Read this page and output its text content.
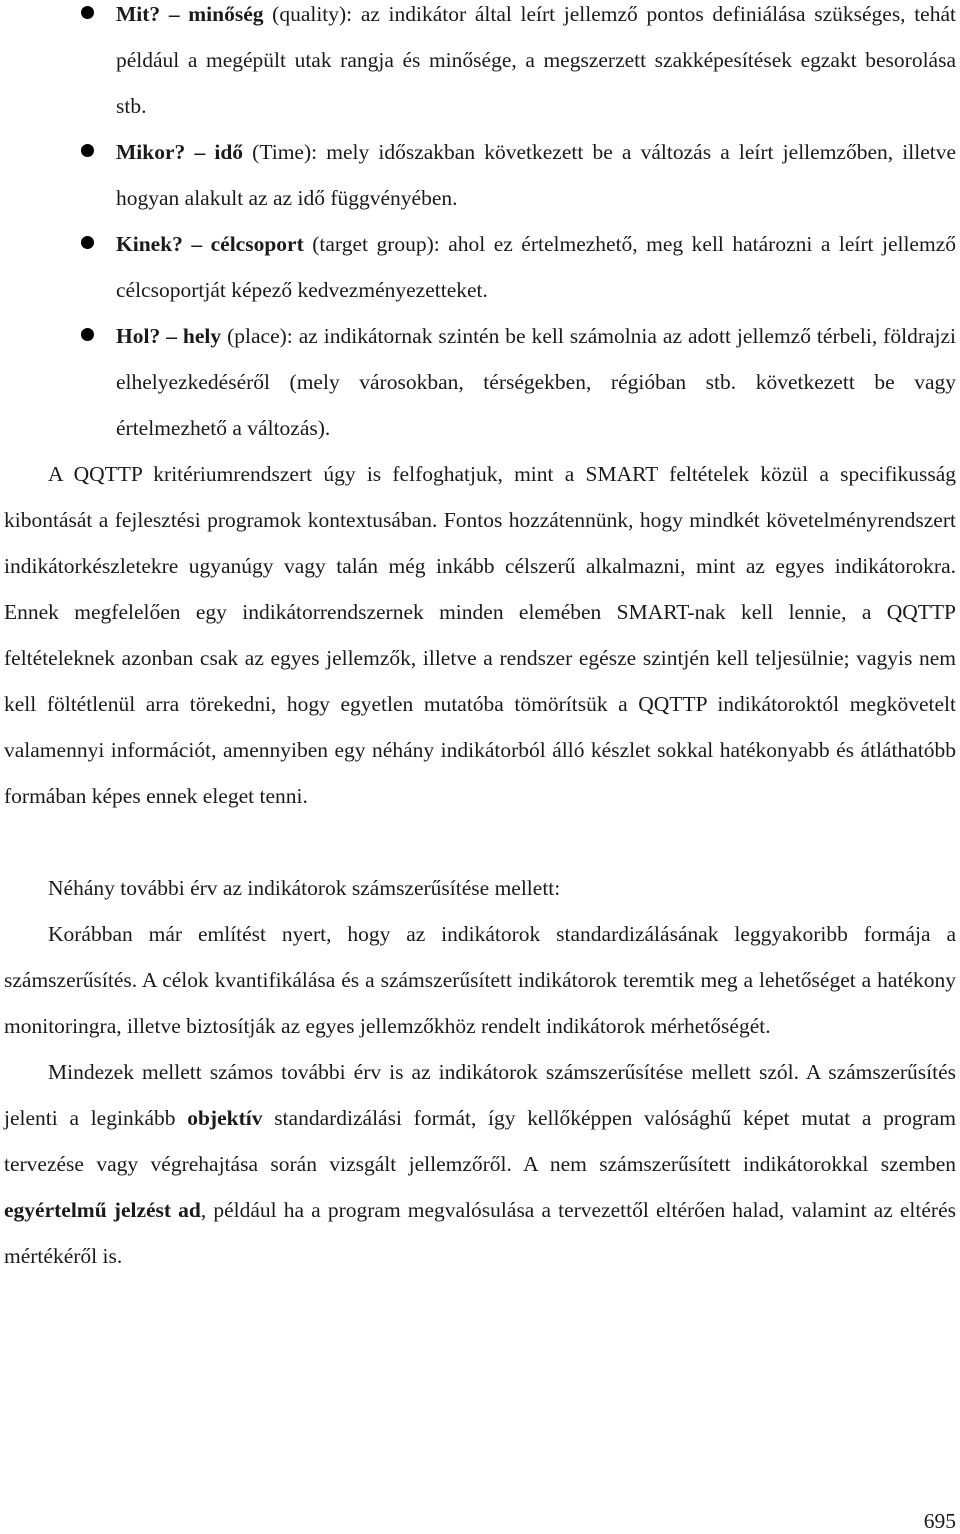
Mit? – minőség (quality): az indikátor által leírt jellemző pontos definiálása szükséges, tehát például a megépült utak rangja és minősége, a megszerzett szakképesítések egzakt besorolása stb.
Mikor? – idő (Time): mely időszakban következett be a változás a leírt jellemzőben, illetve hogyan alakult az az idő függvényében.
Kinek? – célcsoport (target group): ahol ez értelmezhető, meg kell határozni a leírt jellemző célcsoportját képező kedvezményezetteket.
Hol? – hely (place): az indikátornak szintén be kell számolnia az adott jellemző térbeli, földrajzi elhelyezkedéséről (mely városokban, térségekben, régióban stb. következett be vagy értelmezhető a változás).

A QQTTP kritériumrendszert úgy is felfoghatjuk, mint a SMART feltételek közül a specifikusság kibontását a fejlesztési programok kontextusában. Fontos hozzátennünk, hogy mindkét követelményrendszert indikátorkészletekre ugyanúgy vagy talán még inkább célszerű alkalmazni, mint az egyes indikátorokra. Ennek megfelelően egy indikátorrendszernek minden elemében SMART-nak kell lennie, a QQTTP feltételeknek azonban csak az egyes jellemzők, illetve a rendszer egésze szintjén kell teljesülnie; vagyis nem kell föltétlenül arra törekedni, hogy egyetlen mutatóba tömörítsük a QQTTP indikátoroktól megkövetelt valamennyi információt, amennyiben egy néhány indikátorból álló készlet sokkal hatékonyabb és átláthatóbb formában képes ennek eleget tenni.

Néhány további érv az indikátorok számszerűsítése mellett:

Korábban már említést nyert, hogy az indikátorok standardizálásának leggyakoribb formája a számszerűsítés. A célok kvantifikálása és a számszerűsített indikátorok teremtik meg a lehetőséget a hatékony monitoringra, illetve biztosítják az egyes jellemzőkhöz rendelt indikátorok mérhetőségét.

Mindezek mellett számos további érv is az indikátorok számszerűsítése mellett szól. A számszerűsítés jelenti a leginkább objektív standardizálási formát, így kellőképpen valósághű képet mutat a program tervezése vagy végrehajtása során vizsgált jellemzőről. A nem számszerűsített indikátorokkal szemben egyértelmű jelzést ad, például ha a program megvalósulása a tervezettől eltérően halad, valamint az eltérés mértékéről is.

695
